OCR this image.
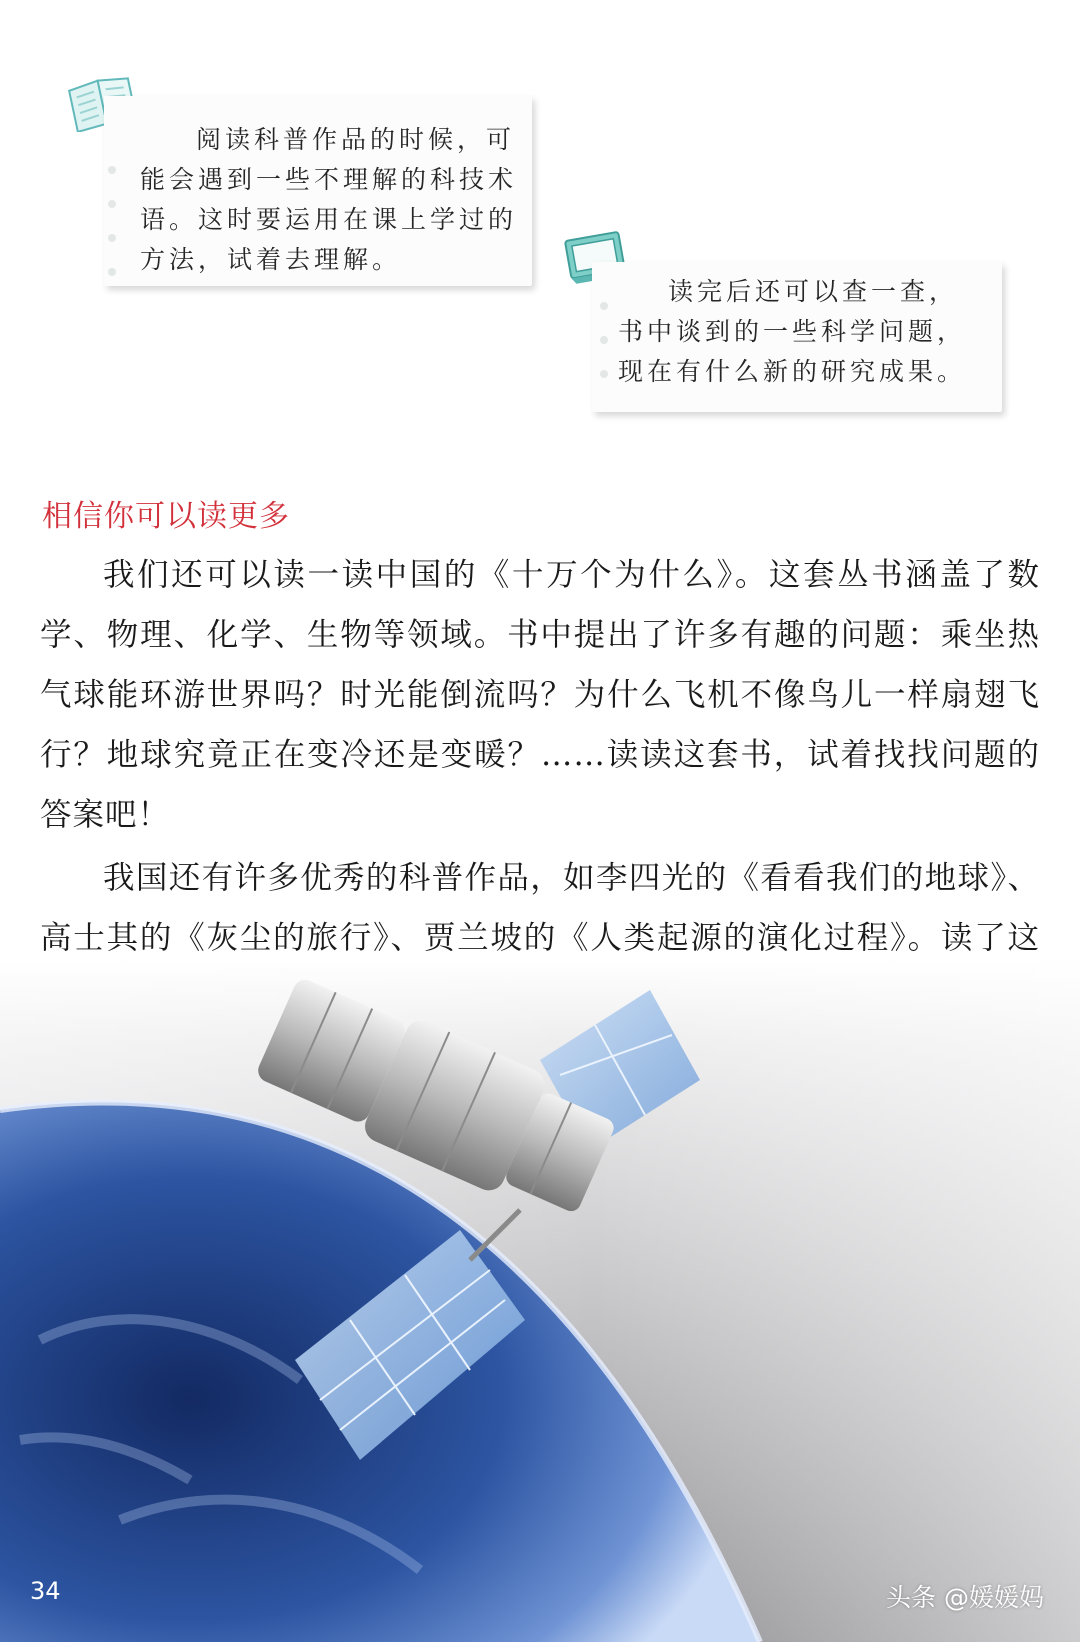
阅读科普作品的时候，可
能会遇到一些不理解的科技术
语。这时要运用在课上学过的
方法，试着去理解。

读完后还可以查一查，
书中谈到的一些科学问题，
现在有什么新的研究成果。

相信你可以读更多

我们还可以读一读中国的《十万个为什么》。这套丛书涵盖了数学、物理、化学、生物等领域。书中提出了许多有趣的问题：乘坐热气球能环游世界吗？时光能倒流吗？为什么飞机不像鸟儿一样扇翅飞行？地球究竟正在变冷还是变暖？……读读这套书，试着找找问题的答案吧！

我国还有许多优秀的科普作品，如李四光的《看看我们的地球》、高士其的《灰尘的旅行》、贾兰坡的《人类起源的演化过程》。读了这

34	头条 @媛媛妈
